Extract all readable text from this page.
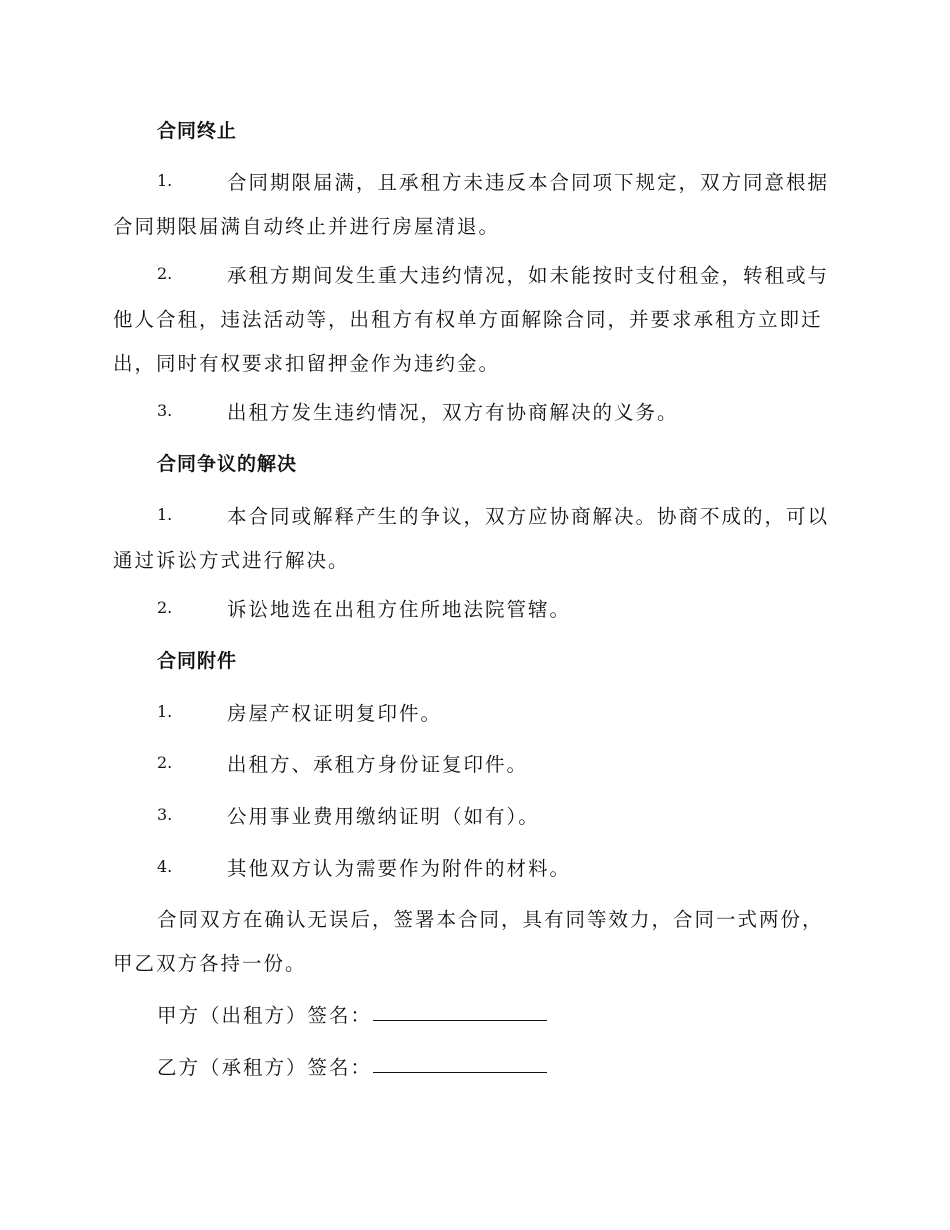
合同终止
1.	合同期限届满，且承租方未违反本合同项下规定，双方同意根据
合同期限届满自动终止并进行房屋清退。
2.	承租方期间发生重大违约情况，如未能按时支付租金，转租或与
他人合租，违法活动等，出租方有权单方面解除合同，并要求承租方立即迁
出，同时有权要求扣留押金作为违约金。
3.	出租方发生违约情况，双方有协商解决的义务。
合同争议的解决
1.	本合同或解释产生的争议，双方应协商解决。协商不成的，可以
通过诉讼方式进行解决。
2.	诉讼地选在出租方住所地法院管辖。
合同附件
1.	房屋产权证明复印件。
2.	出租方、承租方身份证复印件。
3.	公用事业费用缴纳证明（如有）。
4.	其他双方认为需要作为附件的材料。
合同双方在确认无误后，签署本合同，具有同等效力，合同一式两份，
甲乙双方各持一份。
甲方（出租方）签名：
乙方（承租方）签名：
